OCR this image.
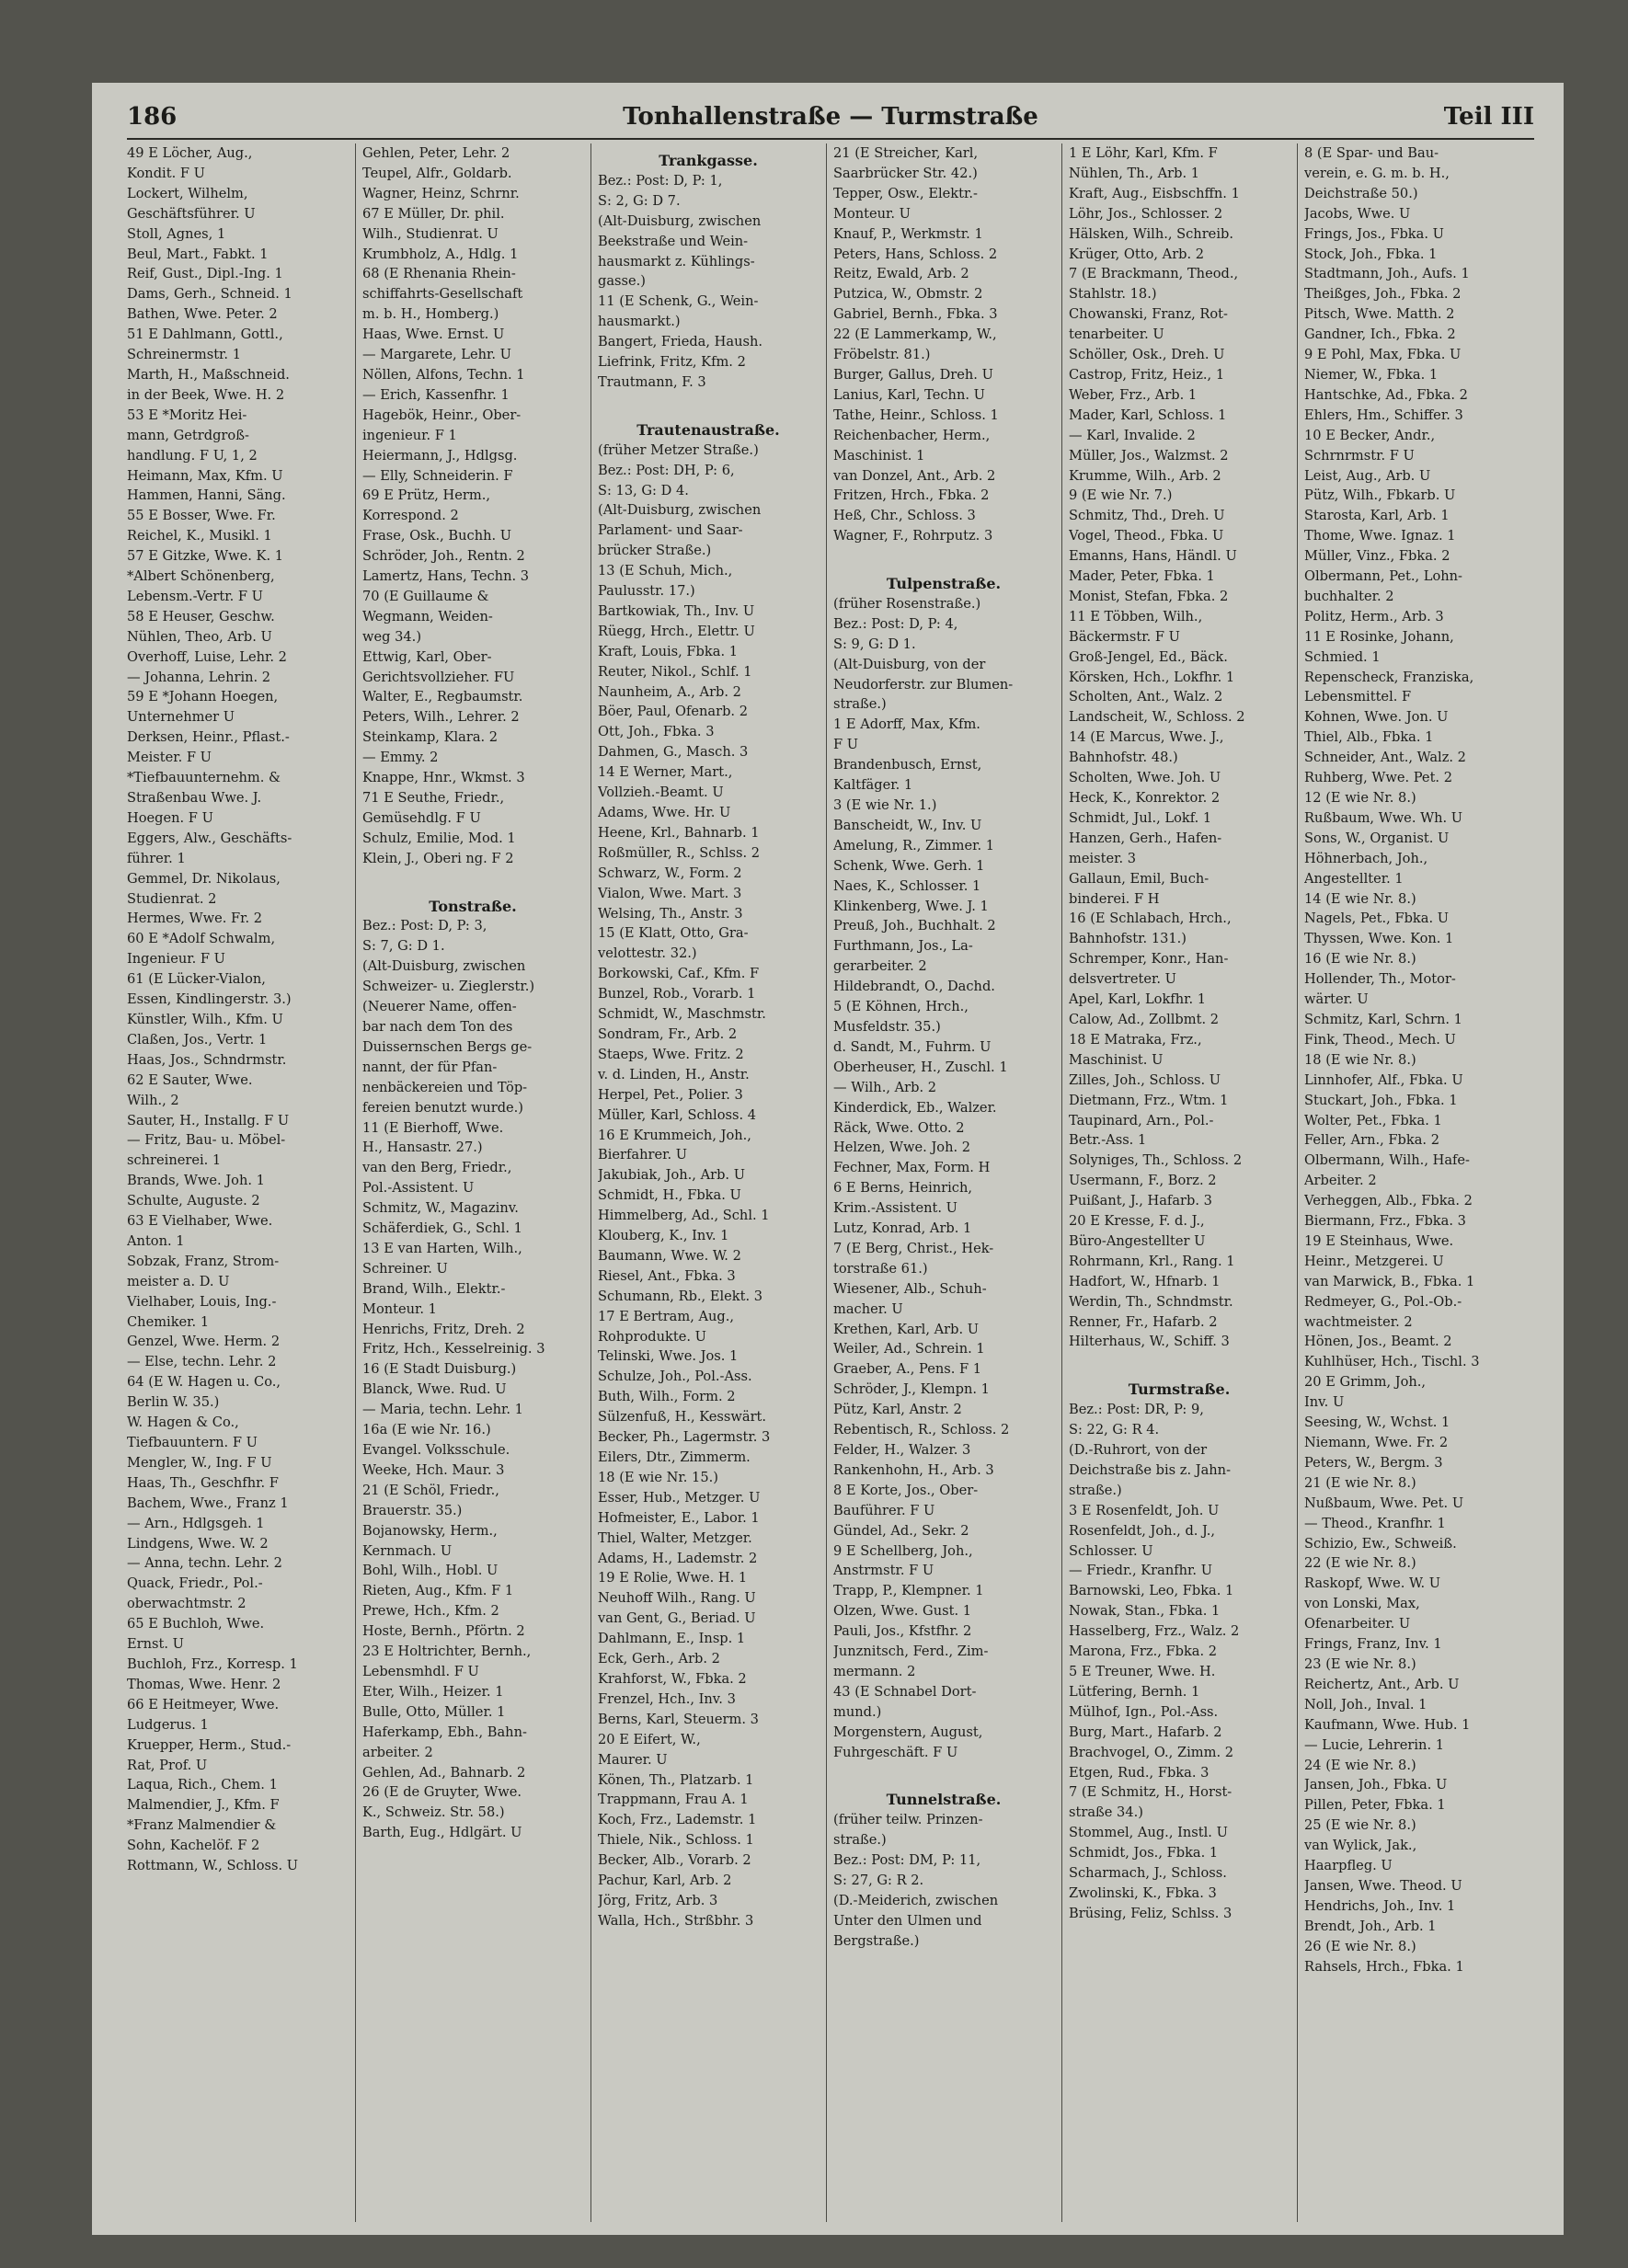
186	Tonhallenstraße — Turmstraße	Teil III
49 E Löcher, Aug.,
Kondit. F U
Lockert, Wilhelm,
Geschäftsführer. U
Stoll, Agnes, 1
Beul, Mart., Fabkt. 1
Reif, Gust., Dipl.-Ing. 1
Dams, Gerh., Schneid. 1
Bathen, Wwe. Peter. 2
51 E Dahlmann, Gottl.,
Schreinermstr. 1
Marth, H., Maßschneid.
in der Beek, Wwe. H. 2
53 E *Moritz Hei-
mann, Getrdgroß-
handlung. F U, 1, 2
Heimann, Max, Kfm. U
Hammen, Hanni, Säng.
55 E Bosser, Wwe. Fr.
Reichel, K., Musikl. 1
57 E Gitzke, Wwe. K. 1
*Albert Schönenberg,
Lebensm.-Vertr. F U
58 E Heuser, Geschw.
Nühlen, Theo, Arb. U
Overhoff, Luise, Lehr. 2
— Johanna, Lehrin. 2
59 E *Johann Hoegen,
Unternehmer U
Derksen, Heinr., Pflast.-
Meister. F U
*Tiefbauunternehm. &
Straßenbau Wwe. J.
Hoegen. F U
Eggers, Alw., Geschäfts-
führer. 1
Gemmel, Dr. Nikolaus,
Studienrat. 2
Hermes, Wwe. Fr. 2
60 E *Adolf Schwalm,
Ingenieur. F U
61 (E Lücker-Vialon,
Essen, Kindlingerstr. 3.)
Künstler, Wilh., Kfm. U
Claßen, Jos., Vertr. 1
Haas, Jos., Schndrmstr.
62 E Sauter, Wwe.
Wilh., 2
Sauter, H., Installg. F U
— Fritz, Bau- u. Möbel-
schreinerei. 1
Brands, Wwe. Joh. 1
Schulte, Auguste. 2
63 E Vielhaber, Wwe.
Anton. 1
Sobzak, Franz, Strom-
meister a. D. U
Vielhaber, Louis, Ing.-
Chemiker. 1
Genzel, Wwe. Herm. 2
— Else, techn. Lehr. 2
64 (E W. Hagen u. Co.,
Berlin W. 35.)
W. Hagen & Co.,
Tiefbauuntern. F U
Mengler, W., Ing. F U
Haas, Th., Geschfhr. F
Bachem, Wwe., Franz 1
— Arn., Hdlgsgeh. 1
Lindgens, Wwe. W. 2
— Anna, techn. Lehr. 2
Quack, Friedr., Pol.-
oberwachtmstr. 2
65 E Buchloh, Wwe.
Ernst. U
Buchloh, Frz., Korresp. 1
Thomas, Wwe. Henr. 2
66 E Heitmeyer, Wwe.
Ludgerus. 1
Kruepper, Herm., Stud.-
Rat, Prof. U
Laqua, Rich., Chem. 1
Malmendier, J., Kfm. F
*Franz Malmendier &
Sohn, Kachelöf. F 2
Rottmann, W., Schloss. U
Gehlen, Peter, Lehr. 2
Teupel, Alfr., Goldarb.
Wagner, Heinz, Schrnr.
67 E Müller, Dr. phil.
Wilh., Studienrat. U
Krumbholz, A., Hdlg. 1
68 (E Rhenania Rhein-
schiffahrts-Gesellschaft
m. b. H., Homberg.)
Haas, Wwe. Ernst. U
— Margarete, Lehr. U
Nöllen, Alfons, Techn. 1
— Erich, Kassenfhr. 1
Hagebök, Heinr., Ober-
ingenieur. F 1
Heiermann, J., Hdlgsg.
— Elly, Schneiderin. F
69 E Prütz, Herm.,
Korrespond. 2
Frase, Osk., Buchh. U
Schröder, Joh., Rentn. 2
Lamertz, Hans, Techn. 3
70 (E Guillaume &
Wegmann, Weiden-
weg 34.)
Ettwig, Karl, Ober-
Gerichtsvollzieher. FU
Walter, E., Regbaumstr.
Peters, Wilh., Lehrer. 2
Steinkamp, Klara. 2
— Emmy. 2
Knappe, Hnr., Wkmst. 3
71 E Seuthe, Friedr.,
Gemüsehdlg. F U
Schulz, Emilie, Mod. 1
Klein, J., Oberi ng. F 2

Tonstraße.
Bez.: Post: D, P: 3,
S: 7, G: D 1.
(Alt-Duisburg, zwischen
Schweizer- u. Zieglerstr.)
(Neuerer Name, offen-
bar nach dem Ton des
Duissernschen Bergs ge-
nannt, der für Pfan-
nenbäckereien und Töp-
fereien benutzt wurde.)
11 (E Bierhoff, Wwe.
H., Hansastr. 27.)
van den Berg, Friedr.,
Pol.-Assistent. U
Schmitz, W., Magazinv.
Schäferdiek, G., Schl. 1
13 E van Harten, Wilh.,
Schreiner. U
Brand, Wilh., Elektr.-
Monteur. 1
Henrichs, Fritz, Dreh. 2
Fritz, Hch., Kesselreinig. 3
16 (E Stadt Duisburg.)
Blanck, Wwe. Rud. U
— Maria, techn. Lehr. 1
16a (E wie Nr. 16.)
Evangel. Volksschule.
Weeke, Hch. Maur. 3
21 (E Schöl, Friedr.,
Brauerstr. 35.)
Bojanowsky, Herm.,
Kernmach. U
Bohl, Wilh., Hobl. U
Rieten, Aug., Kfm. F 1
Prewe, Hch., Kfm. 2
Hoste, Bernh., Pförtn. 2
23 E Holtrichter, Bernh.,
Lebensmhdl. F U
Eter, Wilh., Heizer. 1
Bulle, Otto, Müller. 1
Haferkamp, Ebh., Bahn-
arbeiter. 2
Gehlen, Ad., Bahnarb. 2
26 (E de Gruyter, Wwe.
K., Schweiz. Str. 58.)
Barth, Eug., Hdlgärt. U
Trankgasse.
Bez.: Post: D, P: 1,
S: 2, G: D 7.
(Alt-Duisburg, zwischen
Beekstraße und Wein-
hausmarkt z. Kühlings-
gasse.)
11 (E Schenk, G., Wein-
hausmarkt.)
Bangert, Frieda, Haush.
Liefrink, Fritz, Kfm. 2
Trautmann, F. 3

Trautenaustraße.
(früher Metzer Straße.)
Bez.: Post: DH, P: 6,
S: 13, G: D 4.
(Alt-Duisburg, zwischen
Parlament- und Saar-
brücker Straße.)
13 (E Schuh, Mich.,
Paulusstr. 17.)
Bartkowiak, Th., Inv. U
Rüegg, Hrch., Elettr. U
Kraft, Louis, Fbka. 1
Reuter, Nikol., Schlf. 1
Naunheim, A., Arb. 2
Böer, Paul, Ofenarb. 2
Ott, Joh., Fbka. 3
Dahmen, G., Masch. 3
14 E Werner, Mart.,
Vollzieh.-Beamt. U
Adams, Wwe. Hr. U
Heene, Krl., Bahnarb. 1
Roßmüller, R., Schlss. 2
Schwarz, W., Form. 2
Vialon, Wwe. Mart. 3
Welsing, Th., Anstr. 3
15 (E Klatt, Otto, Gra-
velottestr. 32.)
Borkowski, Caf., Kfm. F
Bunzel, Rob., Vorarb. 1
Schmidt, W., Maschmstr.
Sondram, Fr., Arb. 2
Staeps, Wwe. Fritz. 2
v. d. Linden, H., Anstr.
Herpel, Pet., Polier. 3
Müller, Karl, Schloss. 4
16 E Krummeich, Joh.,
Bierfahrer. U
Jakubiak, Joh., Arb. U
Schmidt, H., Fbka. U
Himmelberg, Ad., Schl. 1
Klouberg, K., Inv. 1
Baumann, Wwe. W. 2
Riesel, Ant., Fbka. 3
Schumann, Rb., Elekt. 3
17 E Bertram, Aug.,
Rohprodukte. U
Telinski, Wwe. Jos. 1
Schulze, Joh., Pol.-Ass.
Buth, Wilh., Form. 2
Sülzenfuß, H., Kesswärt.
Becker, Ph., Lagermstr. 3
Eilers, Dtr., Zimmerm.
18 (E wie Nr. 15.)
Esser, Hub., Metzger. U
Hofmeister, E., Labor. 1
Thiel, Walter, Metzger.
Adams, H., Lademstr. 2
19 E Rolie, Wwe. H. 1
Neuhoff Wilh., Rang. U
van Gent, G., Beriad. U
Dahlmann, E., Insp. 1
Eck, Gerh., Arb. 2
Krahforst, W., Fbka. 2
Frenzel, Hch., Inv. 3
Berns, Karl, Steuerm. 3
20 E Eifert, W.,
Maurer. U
Könen, Th., Platzarb. 1
Trappmann, Frau A. 1
Koch, Frz., Lademstr. 1
Thiele, Nik., Schloss. 1
Becker, Alb., Vorarb. 2
Pachur, Karl, Arb. 2
Jörg, Fritz, Arb. 3
Walla, Hch., Strßbhr. 3
21 (E Streicher, Karl,
Saarbrücker Str. 42.)
Tepper, Osw., Elektr.-
Monteur. U
Knauf, P., Werkmstr. 1
Peters, Hans, Schloss. 2
Reitz, Ewald, Arb. 2
Putzica, W., Obmstr. 2
Gabriel, Bernh., Fbka. 3
22 (E Lammerkamp, W.,
Fröbelstr. 81.)
Burger, Gallus, Dreh. U
Lanius, Karl, Techn. U
Tathe, Heinr., Schloss. 1
Reichenbacher, Herm.,
Maschinist. 1
van Donzel, Ant., Arb. 2
Fritzen, Hrch., Fbka. 2
Heß, Chr., Schloss. 3
Wagner, F., Rohrputz. 3

Tulpenstraße.
(früher Rosenstraße.)
Bez.: Post: D, P: 4,
S: 9, G: D 1.
(Alt-Duisburg, von der
Neudorferstr. zur Blumen-
straße.)
1 E Adorff, Max, Kfm.
F U
Brandenbusch, Ernst,
Kaltfäger. 1
3 (E wie Nr. 1.)
Banscheidt, W., Inv. U
Amelung, R., Zimmer. 1
Schenk, Wwe. Gerh. 1
Naes, K., Schlosser. 1
Klinkenberg, Wwe. J. 1
Preuß, Joh., Buchhalt. 2
Furthmann, Jos., La-
gerarbeiter. 2
Hildebrandt, O., Dachd.
5 (E Köhnen, Hrch.,
Musfeldstr. 35.)
d. Sandt, M., Fuhrm. U
Oberheuser, H., Zuschl. 1
— Wilh., Arb. 2
Kinderdick, Eb., Walzer.
Räck, Wwe. Otto. 2
Helzen, Wwe. Joh. 2
Fechner, Max, Form. H
6 E Berns, Heinrich,
Krim.-Assistent. U
Lutz, Konrad, Arb. 1
7 (E Berg, Christ., Hek-
torstraße 61.)
Wiesener, Alb., Schuh-
macher. U
Krethen, Karl, Arb. U
Weiler, Ad., Schrein. 1
Graeber, A., Pens. F 1
Schröder, J., Klempn. 1
Pütz, Karl, Anstr. 2
Rebentisch, R., Schloss. 2
Felder, H., Walzer. 3
Rankenhohn, H., Arb. 3
8 E Korte, Jos., Ober-
Bauführer. F U
Gündel, Ad., Sekr. 2
9 E Schellberg, Joh.,
Anstrmstr. F U
Trapp, P., Klempner. 1
Olzen, Wwe. Gust. 1
Pauli, Jos., Kfstfhr. 2
Junznitsch, Ferd., Zim-
mermann. 2
43 (E Schnabel Dort-
mund.)
Morgenstern, August,
Fuhrgeschäft. F U

Tunnelstraße.
(früher teilw. Prinzen-
straße.)
Bez.: Post: DM, P: 11,
S: 27, G: R 2.
(D.-Meiderich, zwischen
Unter den Ulmen und
Bergstraße.)
1 E Löhr, Karl, Kfm. F
Nühlen, Th., Arb. 1
Kraft, Aug., Eisbschffn. 1
Löhr, Jos., Schlosser. 2
Hälsken, Wilh., Schreib.
Krüger, Otto, Arb. 2
7 (E Brackmann, Theod.,
Stahlstr. 18.)
Chowanski, Franz, Rot-
tenarbeiter. U
Schöller, Osk., Dreh. U
Castrop, Fritz, Heiz., 1
Weber, Frz., Arb. 1
Mader, Karl, Schloss. 1
— Karl, Invalide. 2
Müller, Jos., Walzmst. 2
Krumme, Wilh., Arb. 2
9 (E wie Nr. 7.)
Schmitz, Thd., Dreh. U
Vogel, Theod., Fbka. U
Emanns, Hans, Händl. U
Mader, Peter, Fbka. 1
Monist, Stefan, Fbka. 2
11 E Többen, Wilh.,
Bäckermstr. F U
Groß-Jengel, Ed., Bäck.
Körsken, Hch., Lokfhr. 1
Scholten, Ant., Walz. 2
Landscheit, W., Schloss. 2
14 (E Marcus, Wwe. J.,
Bahnhofstr. 48.)
Scholten, Wwe. Joh. U
Heck, K., Konrektor. 2
Schmidt, Jul., Lokf. 1
Hanzen, Gerh., Hafen-
meister. 3
Gallaun, Emil, Buch-
binderei. F H
16 (E Schlabach, Hrch.,
Bahnhofstr. 131.)
Schremper, Konr., Han-
delsvertreter. U
Apel, Karl, Lokfhr. 1
Calow, Ad., Zollbmt. 2
18 E Matraka, Frz.,
Maschinist. U
Zilles, Joh., Schloss. U
Dietmann, Frz., Wtm. 1
Taupinard, Arn., Pol.-
Betr.-Ass. 1
Solyniges, Th., Schloss. 2
Usermann, F., Borz. 2
Puißant, J., Hafarb. 3
20 E Kresse, F. d. J.,
Büro-Angestellter U
Rohrmann, Krl., Rang. 1
Hadfort, W., Hfnarb. 1
Werdin, Th., Schndmstr.
Renner, Fr., Hafarb. 2
Hilterhaus, W., Schiff. 3

Turmstraße.
Bez.: Post: DR, P: 9,
S: 22, G: R 4.
(D.-Ruhrort, von der
Deichstraße bis z. Jahn-
straße.)
3 E Rosenfeldt, Joh. U
Rosenfeldt, Joh., d. J.,
Schlosser. U
— Friedr., Kranfhr. U
Barnowski, Leo, Fbka. 1
Nowak, Stan., Fbka. 1
Hasselberg, Frz., Walz. 2
Marona, Frz., Fbka. 2
5 E Treuner, Wwe. H.
Lütfering, Bernh. 1
Mülhof, Ign., Pol.-Ass.
Burg, Mart., Hafarb. 2
Brachvogel, O., Zimm. 2
Etgen, Rud., Fbka. 3
7 (E Schmitz, H., Horst-
straße 34.)
Stommel, Aug., Instl. U
Schmidt, Jos., Fbka. 1
Scharmach, J., Schloss.
Zwolinski, K., Fbka. 3
Brüsing, Feliz, Schlss. 3
8 (E Spar- und Bau-
verein, e. G. m. b. H.,
Deichstraße 50.)
Jacobs, Wwe. U
Frings, Jos., Fbka. U
Stock, Joh., Fbka. 1
Stadtmann, Joh., Aufs. 1
Theißges, Joh., Fbka. 2
Pitsch, Wwe. Matth. 2
Gandner, Ich., Fbka. 2
9 E Pohl, Max, Fbka. U
Niemer, W., Fbka. 1
Hantschke, Ad., Fbka. 2
Ehlers, Hm., Schiffer. 3
10 E Becker, Andr.,
Schrnrmstr. F U
Leist, Aug., Arb. U
Pütz, Wilh., Fbkarb. U
Starosta, Karl, Arb. 1
Thome, Wwe. Ignaz. 1
Müller, Vinz., Fbka. 2
Olbermann, Pet., Lohn-
buchhalter. 2
Politz, Herm., Arb. 3
11 E Rosinke, Johann,
Schmied. 1
Repenscheck, Franziska,
Lebensmittel. F
Kohnen, Wwe. Jon. U
Thiel, Alb., Fbka. 1
Schneider, Ant., Walz. 2
Ruhberg, Wwe. Pet. 2
12 (E wie Nr. 8.)
Rußbaum, Wwe. Wh. U
Sons, W., Organist. U
Höhnerbach, Joh.,
Angestellter. 1
14 (E wie Nr. 8.)
Nagels, Pet., Fbka. U
Thyssen, Wwe. Kon. 1
16 (E wie Nr. 8.)
Hollender, Th., Motor-
wärter. U
Schmitz, Karl, Schrn. 1
Fink, Theod., Mech. U
18 (E wie Nr. 8.)
Linnhofer, Alf., Fbka. U
Stuckart, Joh., Fbka. 1
Wolter, Pet., Fbka. 1
Feller, Arn., Fbka. 2
Olbermann, Wilh., Hafe-
Arbeiter. 2
Verheggen, Alb., Fbka. 2
Biermann, Frz., Fbka. 3
19 E Steinhaus, Wwe.
Heinr., Metzgerei. U
van Marwick, B., Fbka. 1
Redmeyer, G., Pol.-Ob.-
wachtmeister. 2
Hönen, Jos., Beamt. 2
Kuhlhüser, Hch., Tischl. 3
20 E Grimm, Joh.,
Inv. U
Seesing, W., Wchst. 1
Niemann, Wwe. Fr. 2
Peters, W., Bergm. 3
21 (E wie Nr. 8.)
Nußbaum, Wwe. Pet. U
— Theod., Kranfhr. 1
Schizio, Ew., Schweiß.
22 (E wie Nr. 8.)
Raskopf, Wwe. W. U
von Lonski, Max,
Ofenarbeiter. U
Frings, Franz, Inv. 1
23 (E wie Nr. 8.)
Reichertz, Ant., Arb. U
Noll, Joh., Inval. 1
Kaufmann, Wwe. Hub. 1
— Lucie, Lehrerin. 1
24 (E wie Nr. 8.)
Jansen, Joh., Fbka. U
Pillen, Peter, Fbka. 1
25 (E wie Nr. 8.)
van Wylick, Jak.,
Haarpfleg. U
Jansen, Wwe. Theod. U
Hendrichs, Joh., Inv. 1
Brendt, Joh., Arb. 1
26 (E wie Nr. 8.)
Rahsels, Hrch., Fbka. 1
